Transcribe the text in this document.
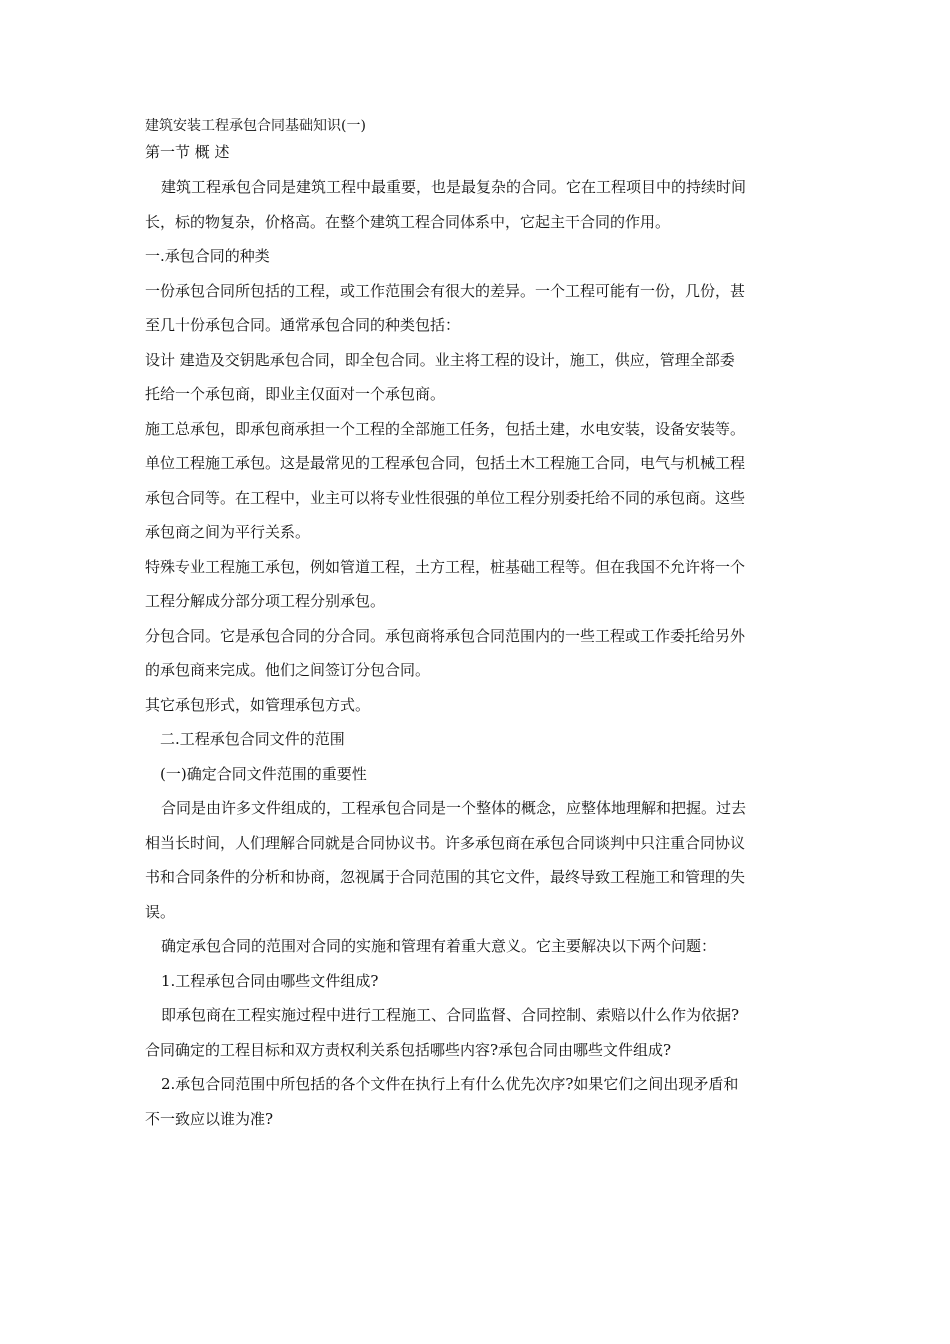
建筑安装工程承包合同基础知识(一)

第一节 概 述

建筑工程承包合同是建筑工程中最重要，也是最复杂的合同。它在工程项目中的持续时间

长，标的物复杂，价格高。在整个建筑工程合同体系中，它起主干合同的作用。

一.承包合同的种类

一份承包合同所包括的工程，或工作范围会有很大的差异。一个工程可能有一份，几份，甚

至几十份承包合同。通常承包合同的种类包括：

设计 建造及交钥匙承包合同，即全包合同。业主将工程的设计，施工，供应，管理全部委

托给一个承包商，即业主仅面对一个承包商。

施工总承包，即承包商承担一个工程的全部施工任务，包括土建，水电安装，设备安装等。

单位工程施工承包。这是最常见的工程承包合同，包括土木工程施工合同，电气与机械工程

承包合同等。在工程中，业主可以将专业性很强的单位工程分别委托给不同的承包商。这些

承包商之间为平行关系。

特殊专业工程施工承包，例如管道工程，土方工程，桩基础工程等。但在我国不允许将一个

工程分解成分部分项工程分别承包。

分包合同。它是承包合同的分合同。承包商将承包合同范围内的一些工程或工作委托给另外

的承包商来完成。他们之间签订分包合同。

其它承包形式，如管理承包方式。

二.工程承包合同文件的范围

(一)确定合同文件范围的重要性

合同是由许多文件组成的，工程承包合同是一个整体的概念，应整体地理解和把握。过去

相当长时间，人们理解合同就是合同协议书。许多承包商在承包合同谈判中只注重合同协议

书和合同条件的分析和协商，忽视属于合同范围的其它文件，最终导致工程施工和管理的失

误。

确定承包合同的范围对合同的实施和管理有着重大意义。它主要解决以下两个问题：

1.工程承包合同由哪些文件组成?

即承包商在工程实施过程中进行工程施工、合同监督、合同控制、索赔以什么作为依据?

合同确定的工程目标和双方责权利关系包括哪些内容?承包合同由哪些文件组成?

2.承包合同范围中所包括的各个文件在执行上有什么优先次序?如果它们之间出现矛盾和

不一致应以谁为准?
